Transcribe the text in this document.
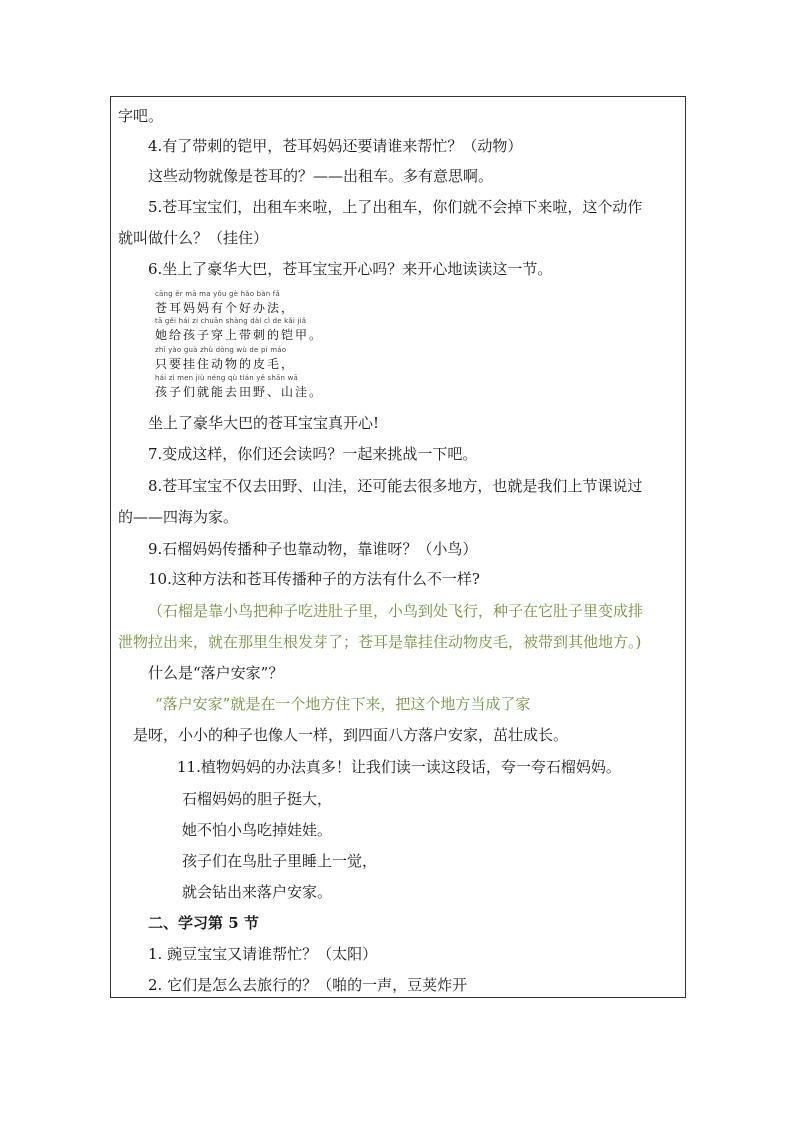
字吧。
4.有了带刺的铠甲，苍耳妈妈还要请谁来帮忙？（动物）
这些动物就像是苍耳的？——出租车。多有意思啊。
5.苍耳宝宝们，出租车来啦，上了出租车，你们就不会掉下来啦，这个动作
就叫做什么？（挂住）
6.坐上了豪华大巴，苍耳宝宝开心吗？来开心地读读这一节。
cāng ěr mā ma yǒu gè hǎo bàn fǎ
苍耳妈妈有个好办法，
tā gěi hái zi chuān shàng dài cì de kǎi jiǎ
她给孩子穿上带刺的铠甲。
zhǐ yào guà zhù dòng wù de pí máo
只要挂住动物的皮毛，
hái zi men jiù néng qù tián yě shān wā
孩子们就能去田野、山洼。
坐上了豪华大巴的苍耳宝宝真开心!
7.变成这样，你们还会读吗？一起来挑战一下吧。
8.苍耳宝宝不仅去田野、山洼，还可能去很多地方，也就是我们上节课说过
的——四海为家。
9.石榴妈妈传播种子也靠动物，靠谁呀？（小鸟）
10.这种方法和苍耳传播种子的方法有什么不一样?
（石榴是靠小鸟把种子吃进肚子里，小鸟到处飞行，种子在它肚子里变成排
泄物拉出来，就在那里生根发芽了；苍耳是靠挂住动物皮毛，被带到其他地方。)
什么是“落户安家”？
“落户安家”就是在一个地方住下来，把这个地方当成了家
是呀，小小的种子也像人一样，到四面八方落户安家，茁壮成长。
11.植物妈妈的办法真多！让我们读一读这段话，夸一夸石榴妈妈。
石榴妈妈的胆子挺大，
她不怕小鸟吃掉娃娃。
孩子们在鸟肚子里睡上一觉，
就会钻出来落户安家。
二、学习第 5 节
1. 豌豆宝宝又请谁帮忙？（太阳）
2. 它们是怎么去旅行的？（啪的一声，豆荚炸开
